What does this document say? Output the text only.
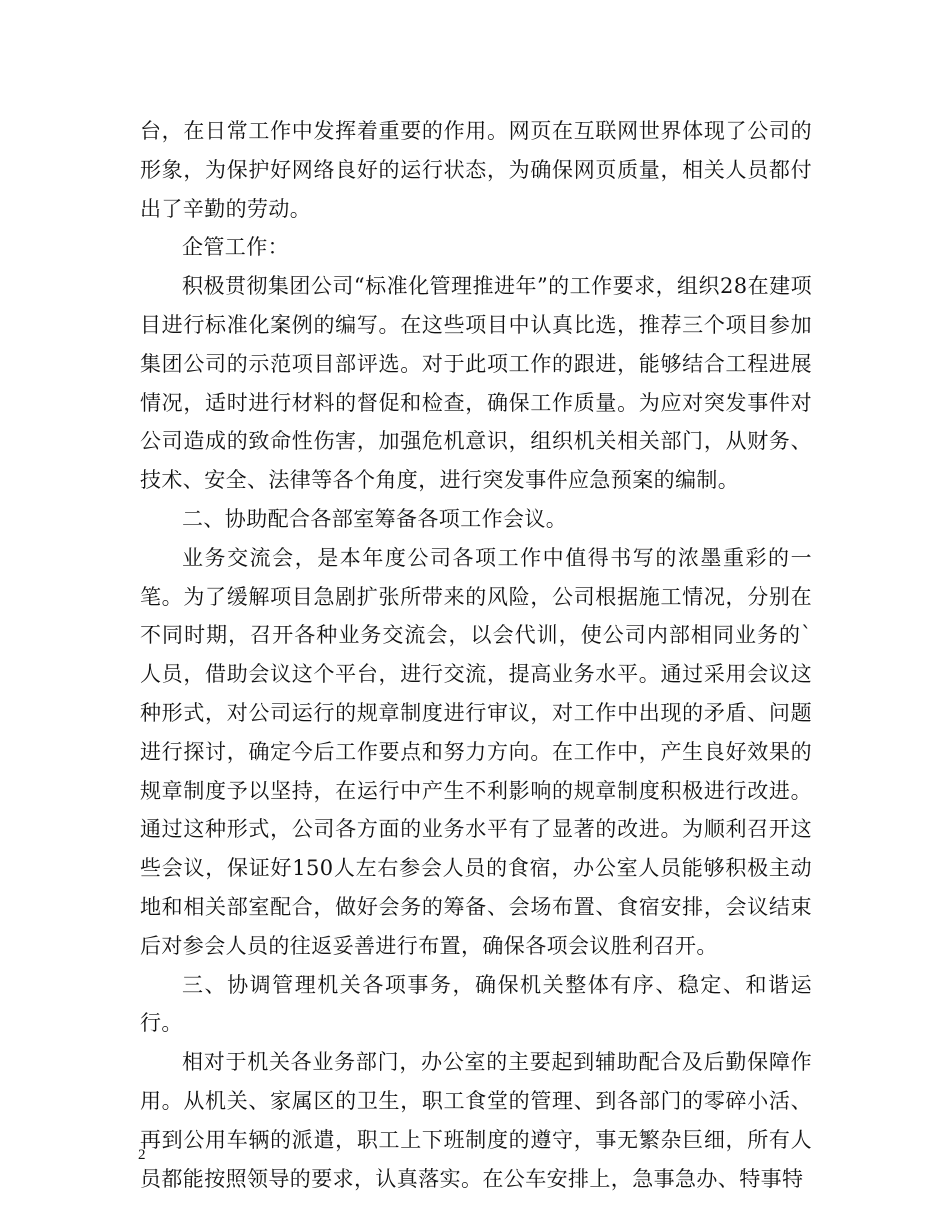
台，在日常工作中发挥着重要的作用。网页在互联网世界体现了公司的形象，为保护好网络良好的运行状态，为确保网页质量，相关人员都付出了辛勤的劳动。

企管工作：

积极贯彻集团公司“标准化管理推进年”的工作要求，组织28在建项目进行标准化案例的编写。在这些项目中认真比选，推荐三个项目参加集团公司的示范项目部评选。对于此项工作的跟进，能够结合工程进展情况，适时进行材料的督促和检查，确保工作质量。为应对突发事件对公司造成的致命性伤害，加强危机意识，组织机关相关部门，从财务、技术、安全、法律等各个角度，进行突发事件应急预案的编制。

二、协助配合各部室筹备各项工作会议。

业务交流会，是本年度公司各项工作中值得书写的浓墨重彩的一笔。为了缓解项目急剧扩张所带来的风险，公司根据施工情况，分别在不同时期，召开各种业务交流会，以会代训，使公司内部相同业务的`人员，借助会议这个平台，进行交流，提高业务水平。通过采用会议这种形式，对公司运行的规章制度进行审议，对工作中出现的矛盾、问题进行探讨，确定今后工作要点和努力方向。在工作中，产生良好效果的规章制度予以坚持，在运行中产生不利影响的规章制度积极进行改进。通过这种形式，公司各方面的业务水平有了显著的改进。为顺利召开这些会议，保证好150人左右参会人员的食宿，办公室人员能够积极主动地和相关部室配合，做好会务的筹备、会场布置、食宿安排，会议结束后对参会人员的往返妥善进行布置，确保各项会议胜利召开。

三、协调管理机关各项事务，确保机关整体有序、稳定、和谐运行。

相对于机关各业务部门，办公室的主要起到辅助配合及后勤保障作用。从机关、家属区的卫生，职工食堂的管理、到各部门的零碎小活、再到公用车辆的派遣，职工上下班制度的遵守，事无繁杂巨细，所有人员都能按照领导的要求，认真落实。在公车安排上，急事急办、特事特

2
